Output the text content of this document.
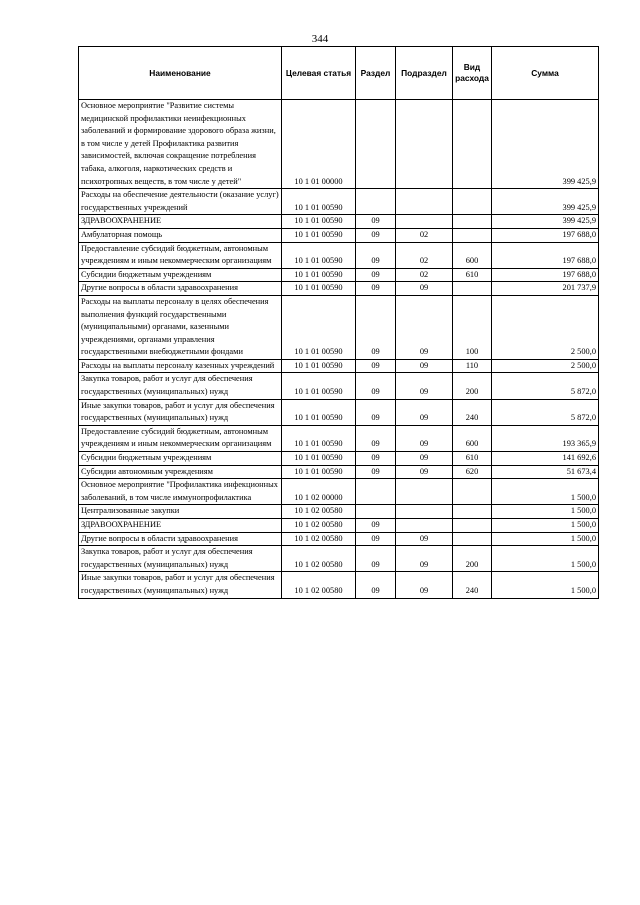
344
Наименование	Целевая статья	Раздел	Подраздел	Вид расхода	Сумма
Основное мероприятие "Развитие системы медицинской профилактики неинфекционных заболеваний и формирование здорового образа жизни, в том числе у детей Профилактика развития зависимостей, включая сокращение потребления табака, алкоголя, наркотических средств и психотропных веществ, в том числе у детей"	10 1 01 00000				399 425,9
Расходы на обеспечение деятельности (оказание услуг) государственных учреждений	10 1 01 00590				399 425,9
ЗДРАВООХРАНЕНИЕ	10 1 01 00590	09			399 425,9
Амбулаторная помощь	10 1 01 00590	09	02		197 688,0
Предоставление субсидий бюджетным, автономным учреждениям и иным некоммерческим организациям	10 1 01 00590	09	02	600	197 688,0
Субсидии бюджетным учреждениям	10 1 01 00590	09	02	610	197 688,0
Другие вопросы в области здравоохранения	10 1 01 00590	09	09		201 737,9
Расходы на выплаты персоналу в целях обеспечения выполнения функций государственными (муниципальными) органами, казенными учреждениями, органами управления государственными внебюджетными фондами	10 1 01 00590	09	09	100	2 500,0
Расходы на выплаты персоналу казенных учреждений	10 1 01 00590	09	09	110	2 500,0
Закупка товаров, работ и услуг для обеспечения государственных (муниципальных) нужд	10 1 01 00590	09	09	200	5 872,0
Иные закупки товаров, работ и услуг для обеспечения государственных (муниципальных) нужд	10 1 01 00590	09	09	240	5 872,0
Предоставление субсидий бюджетным, автономным учреждениям и иным некоммерческим организациям	10 1 01 00590	09	09	600	193 365,9
Субсидии бюджетным учреждениям	10 1 01 00590	09	09	610	141 692,6
Субсидии автономным учреждениям	10 1 01 00590	09	09	620	51 673,4
Основное мероприятие "Профилактика инфекционных заболеваний, в том числе иммунопрофилактика	10 1 02 00000				1 500,0
Централизованные закупки	10 1 02 00580				1 500,0
ЗДРАВООХРАНЕНИЕ	10 1 02 00580	09			1 500,0
Другие вопросы в области здравоохранения	10 1 02 00580	09	09		1 500,0
Закупка товаров, работ и услуг для обеспечения государственных (муниципальных) нужд	10 1 02 00580	09	09	200	1 500,0
Иные закупки товаров, работ и услуг для обеспечения государственных (муниципальных) нужд	10 1 02 00580	09	09	240	1 500,0
